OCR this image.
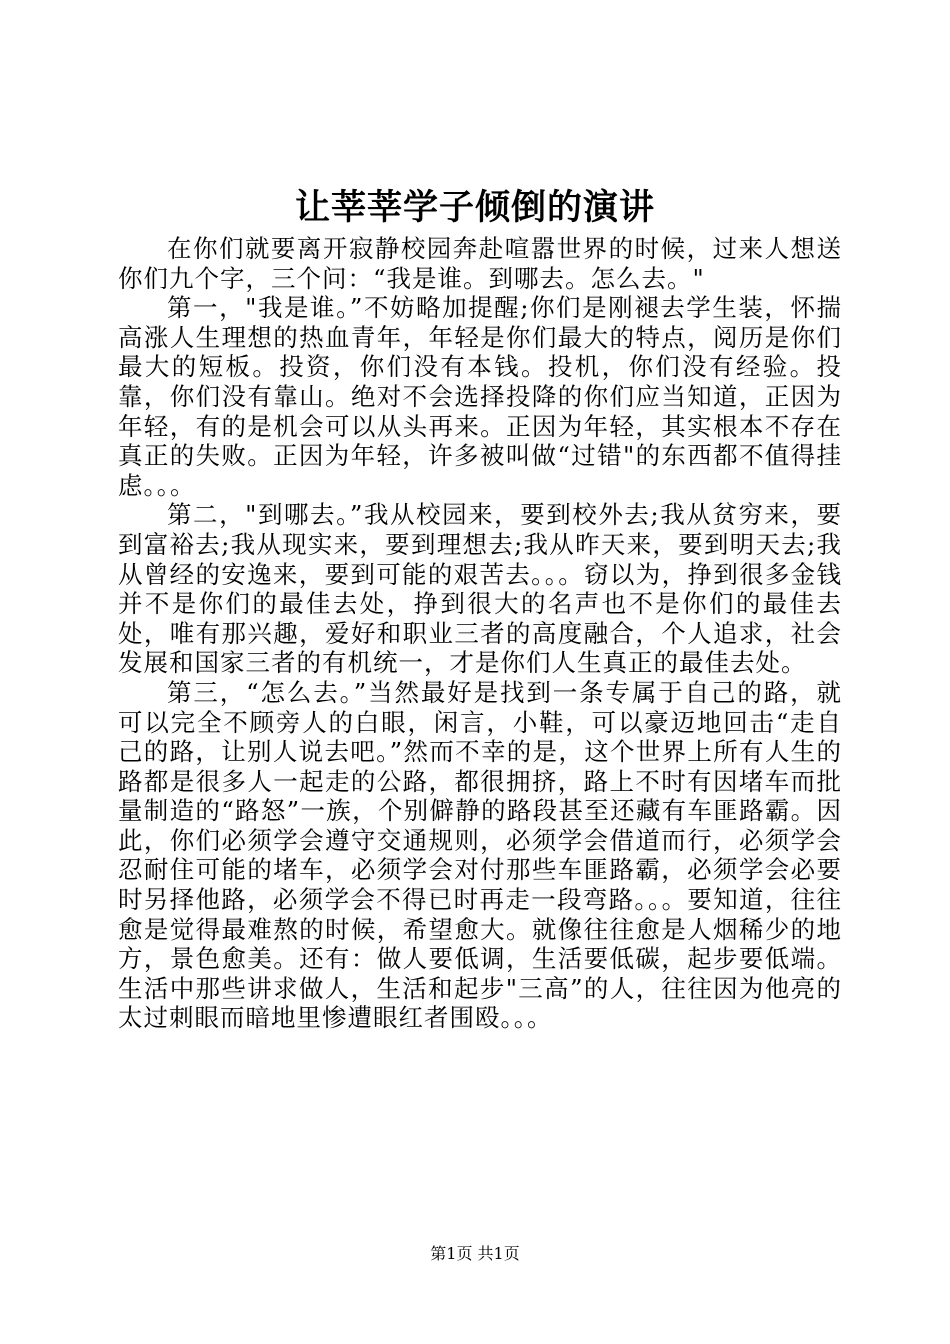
让莘莘学子倾倒的演讲

在你们就要离开寂静校园奔赴喧嚣世界的时候，过来人想送你们九个字，三个问：“我是谁。到哪去。怎么去。"

第一，"我是谁。”不妨略加提醒;你们是刚褪去学生装，怀揣高涨人生理想的热血青年，年轻是你们最大的特点，阅历是你们最大的短板。投资，你们没有本钱。投机，你们没有经验。投靠，你们没有靠山。绝对不会选择投降的你们应当知道，正因为年轻，有的是机会可以从头再来。正因为年轻，其实根本不存在真正的失败。正因为年轻，许多被叫做“过错"的东西都不值得挂虑。。。

第二，"到哪去。”我从校园来，要到校外去;我从贫穷来，要到富裕去;我从现实来，要到理想去;我从昨天来，要到明天去;我从曾经的安逸来，要到可能的艰苦去。。。窃以为，挣到很多金钱并不是你们的最佳去处，挣到很大的名声也不是你们的最佳去处，唯有那兴趣，爱好和职业三者的高度融合，个人追求，社会发展和国家三者的有机统一，才是你们人生真正的最佳去处。

第三，“怎么去。”当然最好是找到一条专属于自己的路，就可以完全不顾旁人的白眼，闲言，小鞋，可以豪迈地回击“走自己的路，让别人说去吧。”然而不幸的是，这个世界上所有人生的路都是很多人一起走的公路，都很拥挤，路上不时有因堵车而批量制造的“路怒”一族，个别僻静的路段甚至还藏有车匪路霸。因此，你们必须学会遵守交通规则，必须学会借道而行，必须学会忍耐住可能的堵车，必须学会对付那些车匪路霸，必须学会必要时另择他路，必须学会不得已时再走一段弯路。。。要知道，往往愈是觉得最难熬的时候，希望愈大。就像往往愈是人烟稀少的地方，景色愈美。还有：做人要低调，生活要低碳，起步要低端。生活中那些讲求做人，生活和起步"三高”的人，往往因为他亮的太过刺眼而暗地里惨遭眼红者围殴。。。

第1页 共1页
